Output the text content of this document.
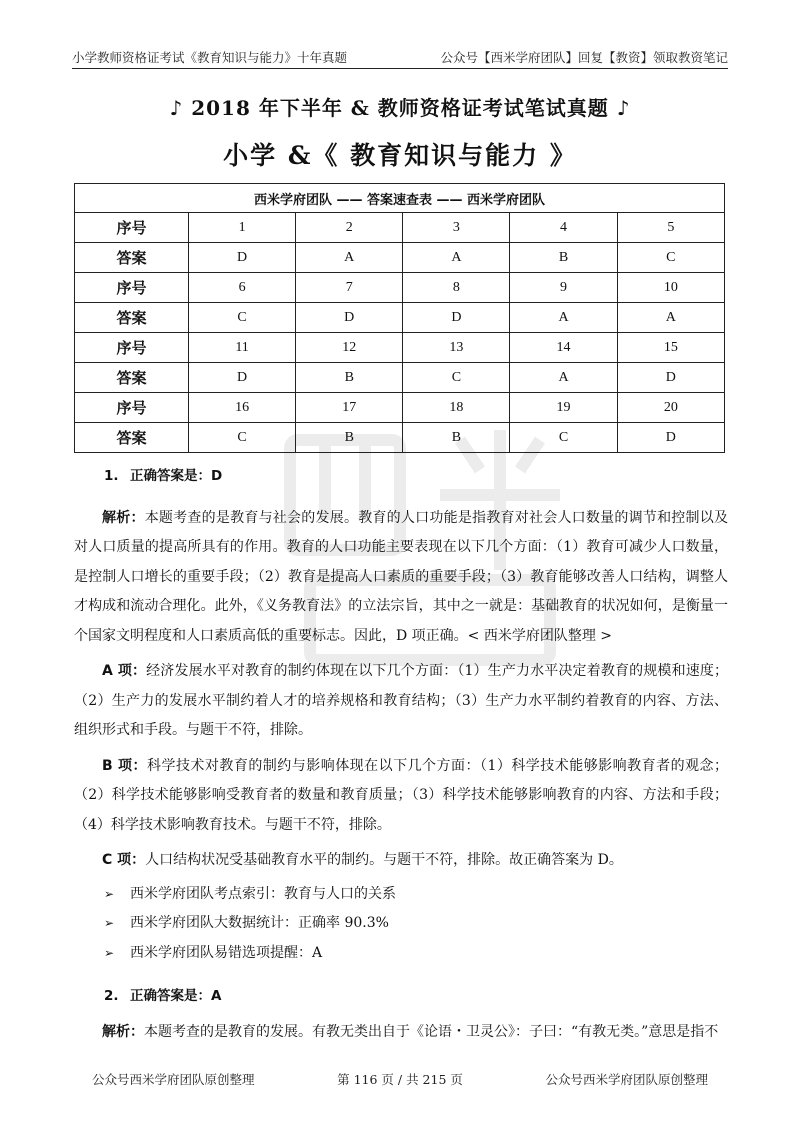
小学教师资格证考试《教育知识与能力》十年真题	公众号【西米学府团队】回复【教资】领取教资笔记
♪ 2018 年下半年 & 教师资格证考试笔试真题 ♪
小学 &《 教育知识与能力 》
西米学府团队 —— 答案速查表 —— 西米学府团队					
序号	1	2	3	4	5
答案	D	A	A	B	C
序号	6	7	8	9	10
答案	C	D	D	A	A
序号	11	12	13	14	15
答案	D	B	C	A	D
序号	16	17	18	19	20
答案	C	B	B	C	D

1. 正确答案是：D

解析：本题考查的是教育与社会的发展。教育的人口功能是指教育对社会人口数量的调节和控制以及对人口质量的提高所具有的作用。教育的人口功能主要表现在以下几个方面：（1）教育可减少人口数量，是控制人口增长的重要手段；（2）教育是提高人口素质的重要手段；（3）教育能够改善人口结构，调整人才构成和流动合理化。此外，《义务教育法》的立法宗旨，其中之一就是：基础教育的状况如何，是衡量一个国家文明程度和人口素质高低的重要标志。因此，D 项正确。< 西米学府团队整理 >

A 项：经济发展水平对教育的制约体现在以下几个方面：（1）生产力水平决定着教育的规模和速度；（2）生产力的发展水平制约着人才的培养规格和教育结构；（3）生产力水平制约着教育的内容、方法、组织形式和手段。与题干不符，排除。

B 项：科学技术对教育的制约与影响体现在以下几个方面：（1）科学技术能够影响教育者的观念；（2）科学技术能够影响受教育者的数量和教育质量；（3）科学技术能够影响教育的内容、方法和手段；（4）科学技术影响教育技术。与题干不符，排除。

C 项：人口结构状况受基础教育水平的制约。与题干不符，排除。故正确答案为 D。

➢ 西米学府团队考点索引：教育与人口的关系

➢ 西米学府团队大数据统计：正确率 90.3%

➢ 西米学府团队易错选项提醒：A

2. 正确答案是：A

解析：本题考查的是教育的发展。有教无类出自于《论语・卫灵公》：子曰：“有教无类。”意思是指不

公众号西米学府团队原创整理	第 116 页 / 共 215 页	公众号西米学府团队原创整理
